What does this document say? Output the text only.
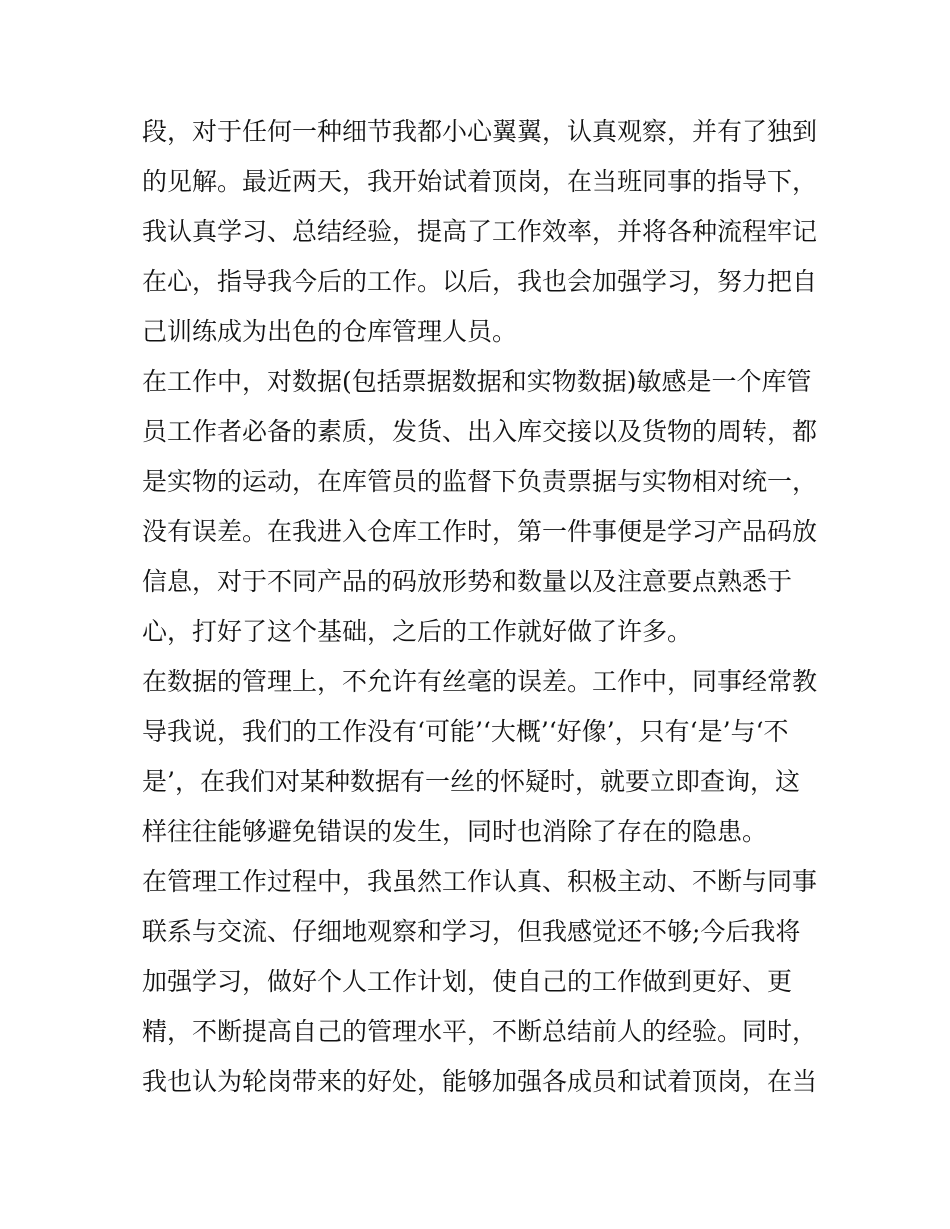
段，对于任何一种细节我都小心翼翼，认真观察，并有了独到
的见解。最近两天，我开始试着顶岗，在当班同事的指导下，
我认真学习、总结经验，提高了工作效率，并将各种流程牢记
在心，指导我今后的工作。以后，我也会加强学习，努力把自
己训练成为出色的仓库管理人员。
在工作中，对数据(包括票据数据和实物数据)敏感是一个库管
员工作者必备的素质，发货、出入库交接以及货物的周转，都
是实物的运动，在库管员的监督下负责票据与实物相对统一，
没有误差。在我进入仓库工作时，第一件事便是学习产品码放
信息，对于不同产品的码放形势和数量以及注意要点熟悉于
心，打好了这个基础，之后的工作就好做了许多。
在数据的管理上，不允许有丝毫的误差。工作中，同事经常教
导我说，我们的工作没有‘可能’‘大概’‘好像’，只有‘是’与‘不
是’，在我们对某种数据有一丝的怀疑时，就要立即查询，这
样往往能够避免错误的发生，同时也消除了存在的隐患。
在管理工作过程中，我虽然工作认真、积极主动、不断与同事
联系与交流、仔细地观察和学习，但我感觉还不够;今后我将
加强学习，做好个人工作计划，使自己的工作做到更好、更
精，不断提高自己的管理水平，不断总结前人的经验。同时，
我也认为轮岗带来的好处，能够加强各成员和试着顶岗，在当
